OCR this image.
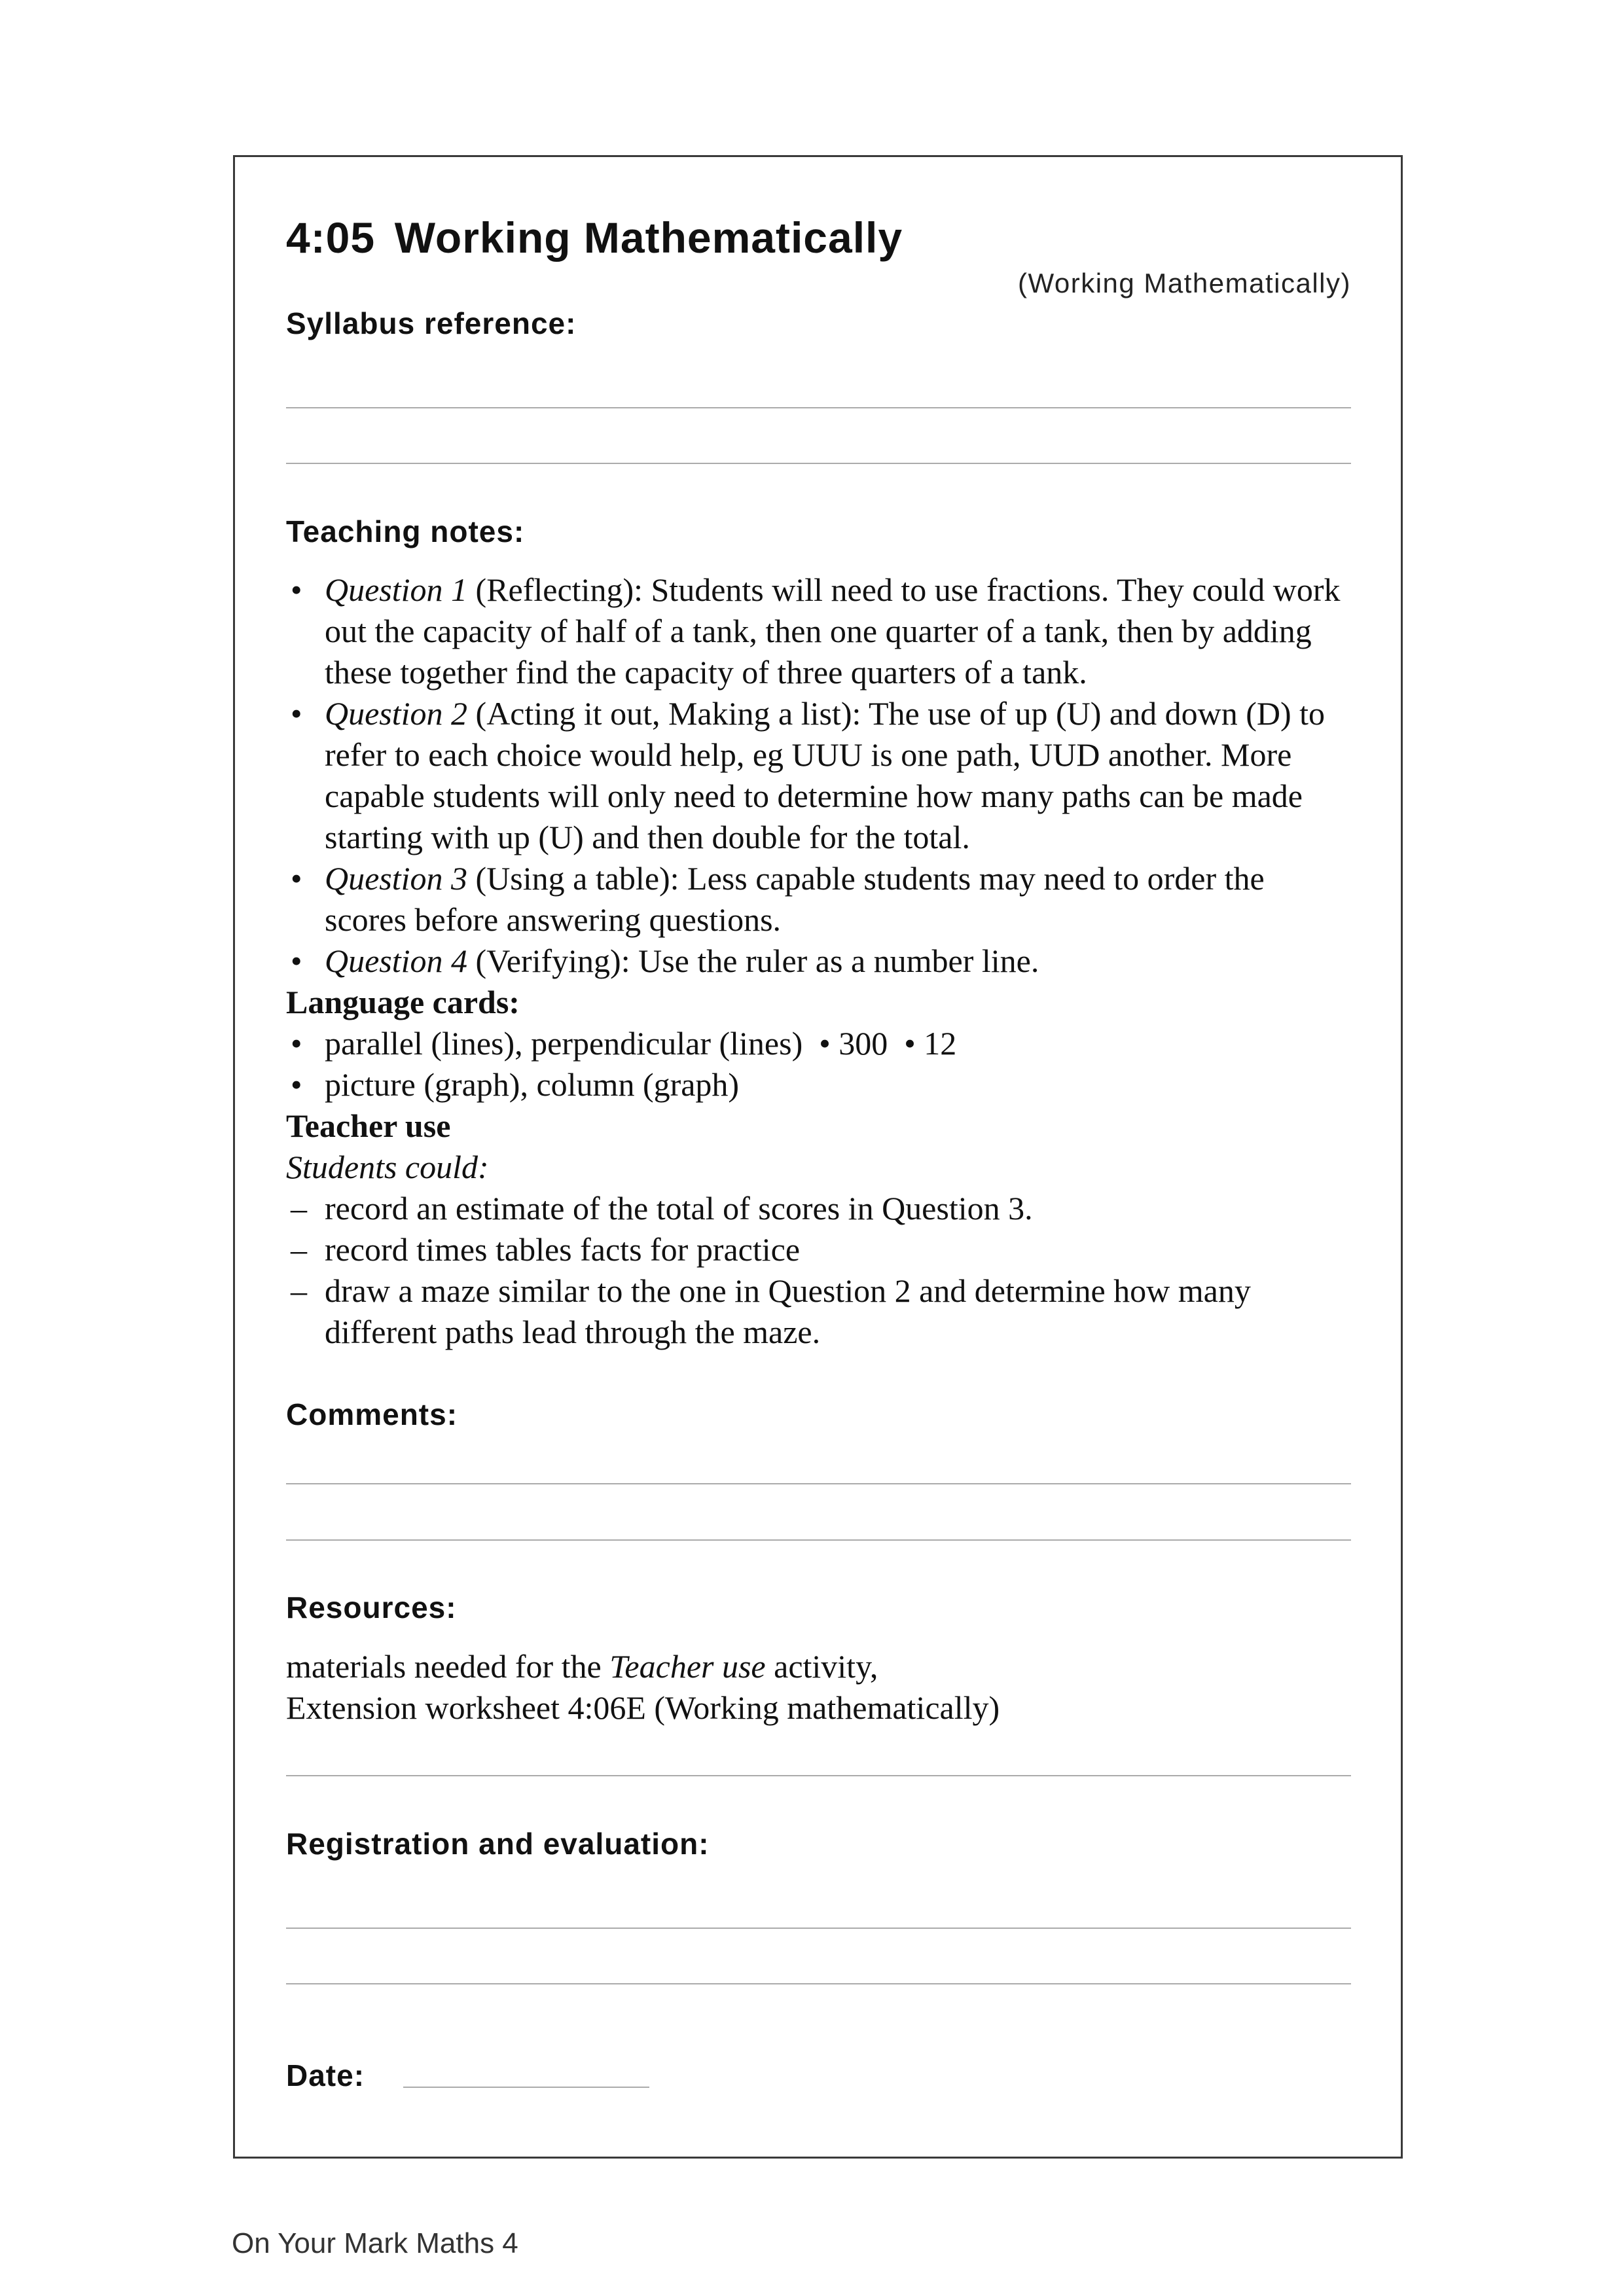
4:05 Working Mathematically
(Working Mathematically)
Syllabus reference:
Teaching notes:
• Question 1 (Reflecting): Students will need to use fractions. They could work out the capacity of half of a tank, then one quarter of a tank, then by adding these together find the capacity of three quarters of a tank.
• Question 2 (Acting it out, Making a list): The use of up (U) and down (D) to refer to each choice would help, eg UUU is one path, UUD another. More capable students will only need to determine how many paths can be made starting with up (U) and then double for the total.
• Question 3 (Using a table): Less capable students may need to order the scores before answering questions.
• Question 4 (Verifying): Use the ruler as a number line.
Language cards:
• parallel (lines), perpendicular (lines)  • 300  • 12
• picture (graph), column (graph)
Teacher use
Students could:
– record an estimate of the total of scores in Question 3.
– record times tables facts for practice
– draw a maze similar to the one in Question 2 and determine how many different paths lead through the maze.
Comments:
Resources:
materials needed for the Teacher use activity,
Extension worksheet 4:06E (Working mathematically)
Registration and evaluation:
Date:
On Your Mark Maths 4
